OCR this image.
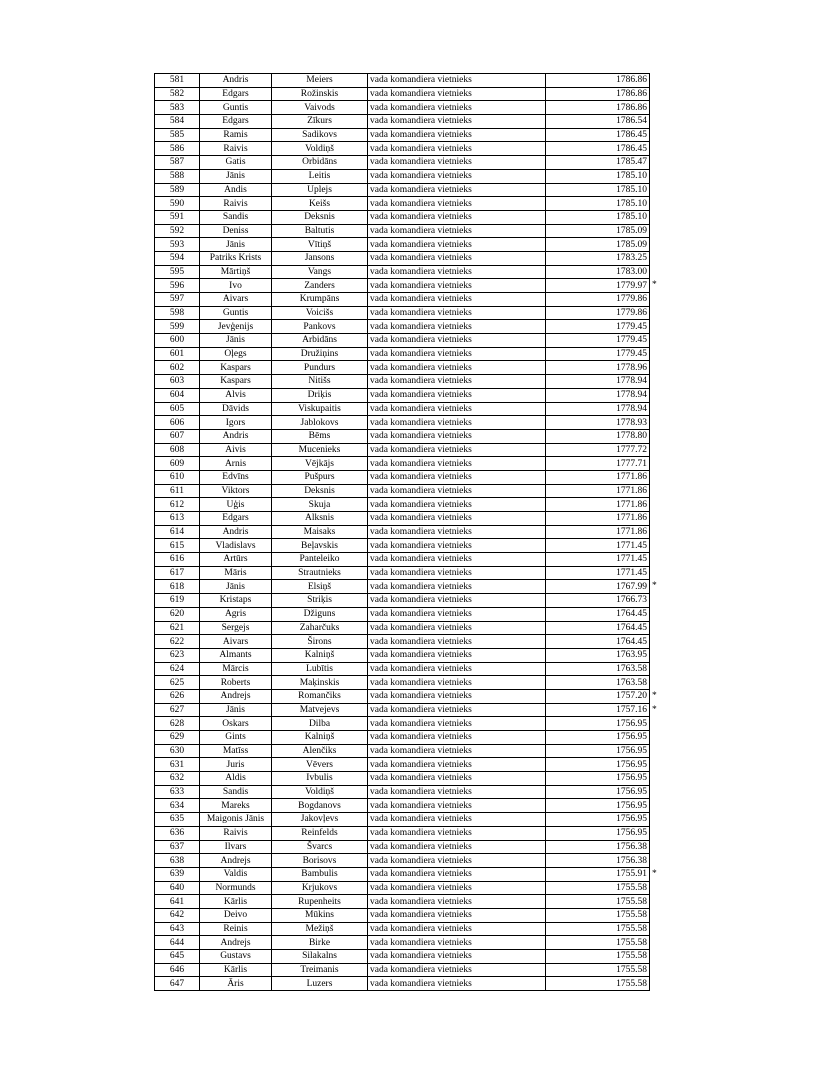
581	Andris	Meiers	vada komandiera vietnieks	1786.86
582	Edgars	Rožinskis	vada komandiera vietnieks	1786.86
583	Guntis	Vaivods	vada komandiera vietnieks	1786.86
584	Edgars	Zīkurs	vada komandiera vietnieks	1786.54
585	Ramis	Sadikovs	vada komandiera vietnieks	1786.45
586	Raivis	Voldiņš	vada komandiera vietnieks	1786.45
587	Gatis	Orbidāns	vada komandiera vietnieks	1785.47
588	Jānis	Leitis	vada komandiera vietnieks	1785.10
589	Andis	Uplejs	vada komandiera vietnieks	1785.10
590	Raivis	Keišs	vada komandiera vietnieks	1785.10
591	Sandis	Deksnis	vada komandiera vietnieks	1785.10
592	Deniss	Baltutis	vada komandiera vietnieks	1785.09
593	Jānis	Vītiņš	vada komandiera vietnieks	1785.09
594	Patriks Krists	Jansons	vada komandiera vietnieks	1783.25
595	Mārtiņš	Vangs	vada komandiera vietnieks	1783.00
596	Ivo	Zanders	vada komandiera vietnieks	1779.97 *

597	Aivars	Krumpāns	vada komandiera vietnieks	1779.86
598	Guntis	Voicišs	vada komandiera vietnieks	1779.86
599	Jevģenijs	Pankovs	vada komandiera vietnieks	1779.45
600	Jānis	Arbidāns	vada komandiera vietnieks	1779.45
601	Oļegs	Družiņins	vada komandiera vietnieks	1779.45
602	Kaspars	Pundurs	vada komandiera vietnieks	1778.96
603	Kaspars	Nitišs	vada komandiera vietnieks	1778.94
604	Alvis	Driķis	vada komandiera vietnieks	1778.94
605	Dāvids	Viskupaitis	vada komandiera vietnieks	1778.94
606	Igors	Jablokovs	vada komandiera vietnieks	1778.93
607	Andris	Bēms	vada komandiera vietnieks	1778.80
608	Aivis	Mucenieks	vada komandiera vietnieks	1777.72
609	Arnis	Vējkājs	vada komandiera vietnieks	1777.71
610	Edvīns	Pušpurs	vada komandiera vietnieks	1771.86
611	Viktors	Deksnis	vada komandiera vietnieks	1771.86
612	Uģis	Skuja	vada komandiera vietnieks	1771.86
613	Edgars	Alksnis	vada komandiera vietnieks	1771.86
614	Andris	Maisaks	vada komandiera vietnieks	1771.86
615	Vladislavs	Beļavskis	vada komandiera vietnieks	1771.45
616	Artūrs	Panteleiko	vada komandiera vietnieks	1771.45
617	Māris	Strautnieks	vada komandiera vietnieks	1771.45
618	Jānis	Elsiņš	vada komandiera vietnieks	1767.99 *

619	Kristaps	Striķis	vada komandiera vietnieks	1766.73
620	Agris	Džiguns	vada komandiera vietnieks	1764.45
621	Sergejs	Zaharčuks	vada komandiera vietnieks	1764.45
622	Aivars	Širons	vada komandiera vietnieks	1764.45
623	Almants	Kalniņš	vada komandiera vietnieks	1763.95
624	Mārcis	Lubītis	vada komandiera vietnieks	1763.58
625	Roberts	Maķinskis	vada komandiera vietnieks	1763.58
626	Andrejs	Romančiks	vada komandiera vietnieks	1757.20 *

627	Jānis	Matvejevs	vada komandiera vietnieks	1757.16 *

628	Oskars	Dilba	vada komandiera vietnieks	1756.95
629	Gints	Kalniņš	vada komandiera vietnieks	1756.95
630	Matīss	Alenčiks	vada komandiera vietnieks	1756.95
631	Juris	Vēvers	vada komandiera vietnieks	1756.95
632	Aldis	Ivbulis	vada komandiera vietnieks	1756.95
633	Sandis	Voldiņš	vada komandiera vietnieks	1756.95
634	Mareks	Bogdanovs	vada komandiera vietnieks	1756.95
635	Maigonis Jānis	Jakovļevs	vada komandiera vietnieks	1756.95
636	Raivis	Reinfelds	vada komandiera vietnieks	1756.95
637	Ilvars	Švarcs	vada komandiera vietnieks	1756.38
638	Andrejs	Borisovs	vada komandiera vietnieks	1756.38
639	Valdis	Bambulis	vada komandiera vietnieks	1755.91 *

640	Normunds	Krjukovs	vada komandiera vietnieks	1755.58
641	Kārlis	Rupenheits	vada komandiera vietnieks	1755.58
642	Deivo	Mūkins	vada komandiera vietnieks	1755.58
643	Reinis	Mežiņš	vada komandiera vietnieks	1755.58
644	Andrejs	Birke	vada komandiera vietnieks	1755.58
645	Gustavs	Silakalns	vada komandiera vietnieks	1755.58
646	Kārlis	Treimanis	vada komandiera vietnieks	1755.58
647	Āris	Luzers	vada komandiera vietnieks	1755.58
